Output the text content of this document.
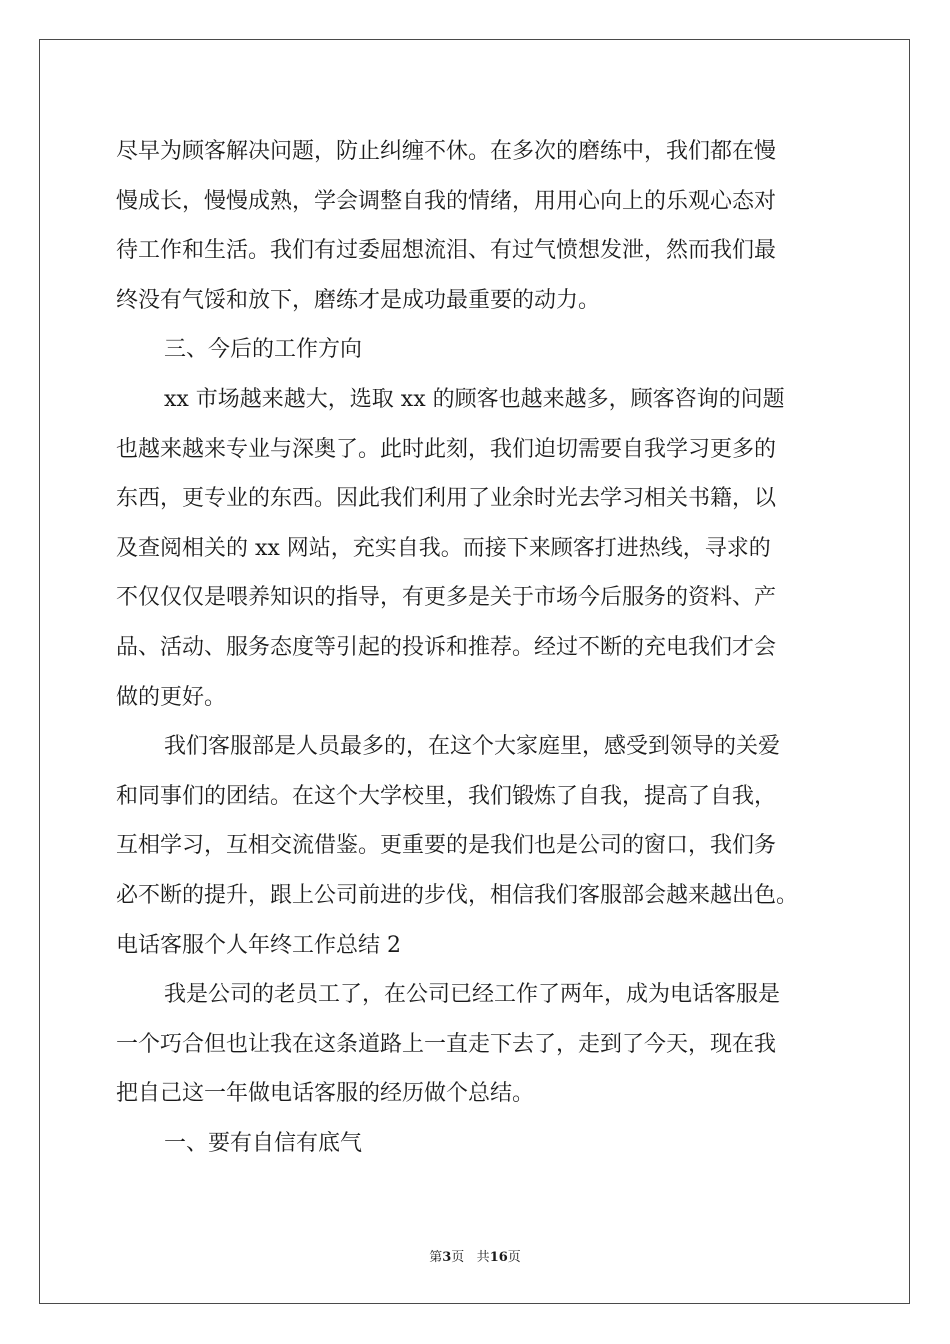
尽早为顾客解决问题，防止纠缠不休。在多次的磨练中，我们都在慢
慢成长，慢慢成熟，学会调整自我的情绪，用用心向上的乐观心态对
待工作和生活。我们有过委屈想流泪、有过气愤想发泄，然而我们最
终没有气馁和放下，磨练才是成功最重要的动力。
三、今后的工作方向
xx 市场越来越大，选取 xx 的顾客也越来越多，顾客咨询的问题
也越来越来专业与深奥了。此时此刻，我们迫切需要自我学习更多的
东西，更专业的东西。因此我们利用了业余时光去学习相关书籍，以
及查阅相关的 xx 网站，充实自我。而接下来顾客打进热线，寻求的
不仅仅仅是喂养知识的指导，有更多是关于市场今后服务的资料、产
品、活动、服务态度等引起的投诉和推荐。经过不断的充电我们才会
做的更好。
我们客服部是人员最多的，在这个大家庭里，感受到领导的关爱
和同事们的团结。在这个大学校里，我们锻炼了自我，提高了自我，
互相学习，互相交流借鉴。更重要的是我们也是公司的窗口，我们务
必不断的提升，跟上公司前进的步伐，相信我们客服部会越来越出色。
电话客服个人年终工作总结 2
我是公司的老员工了，在公司已经工作了两年，成为电话客服是
一个巧合但也让我在这条道路上一直走下去了，走到了今天，现在我
把自己这一年做电话客服的经历做个总结。
一、要有自信有底气
第3页 共16页
